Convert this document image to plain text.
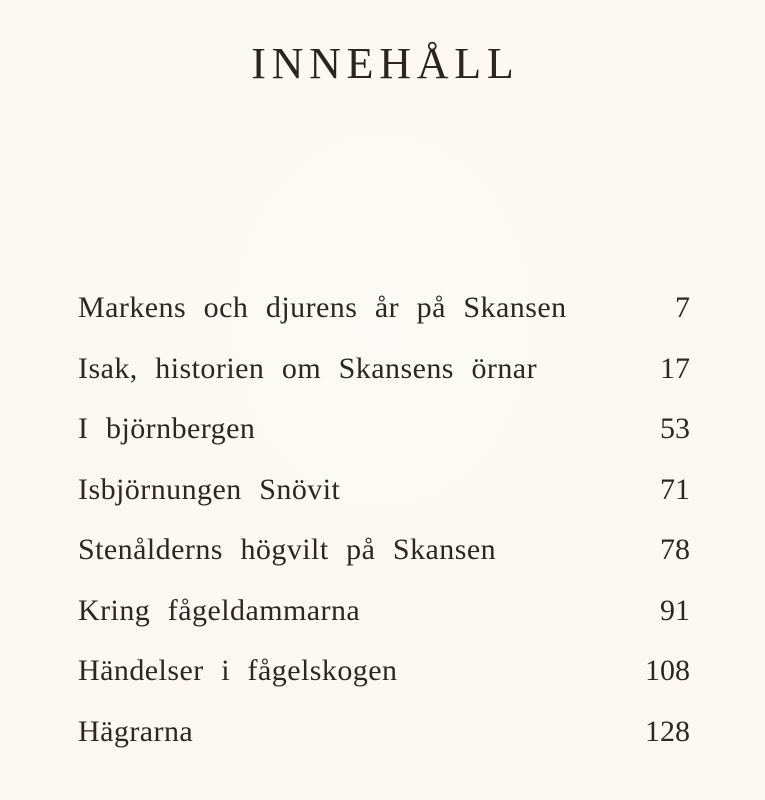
INNEHÅLL
Markens och djurens år på Skansen	7
Isak, historien om Skansens örnar	17
I björnbergen	53
Isbjörnungen Snövit	71
Stenålderns högvilt på Skansen	78
Kring fågeldammarna	91
Händelser i fågelskogen	108
Hägrarna	128
